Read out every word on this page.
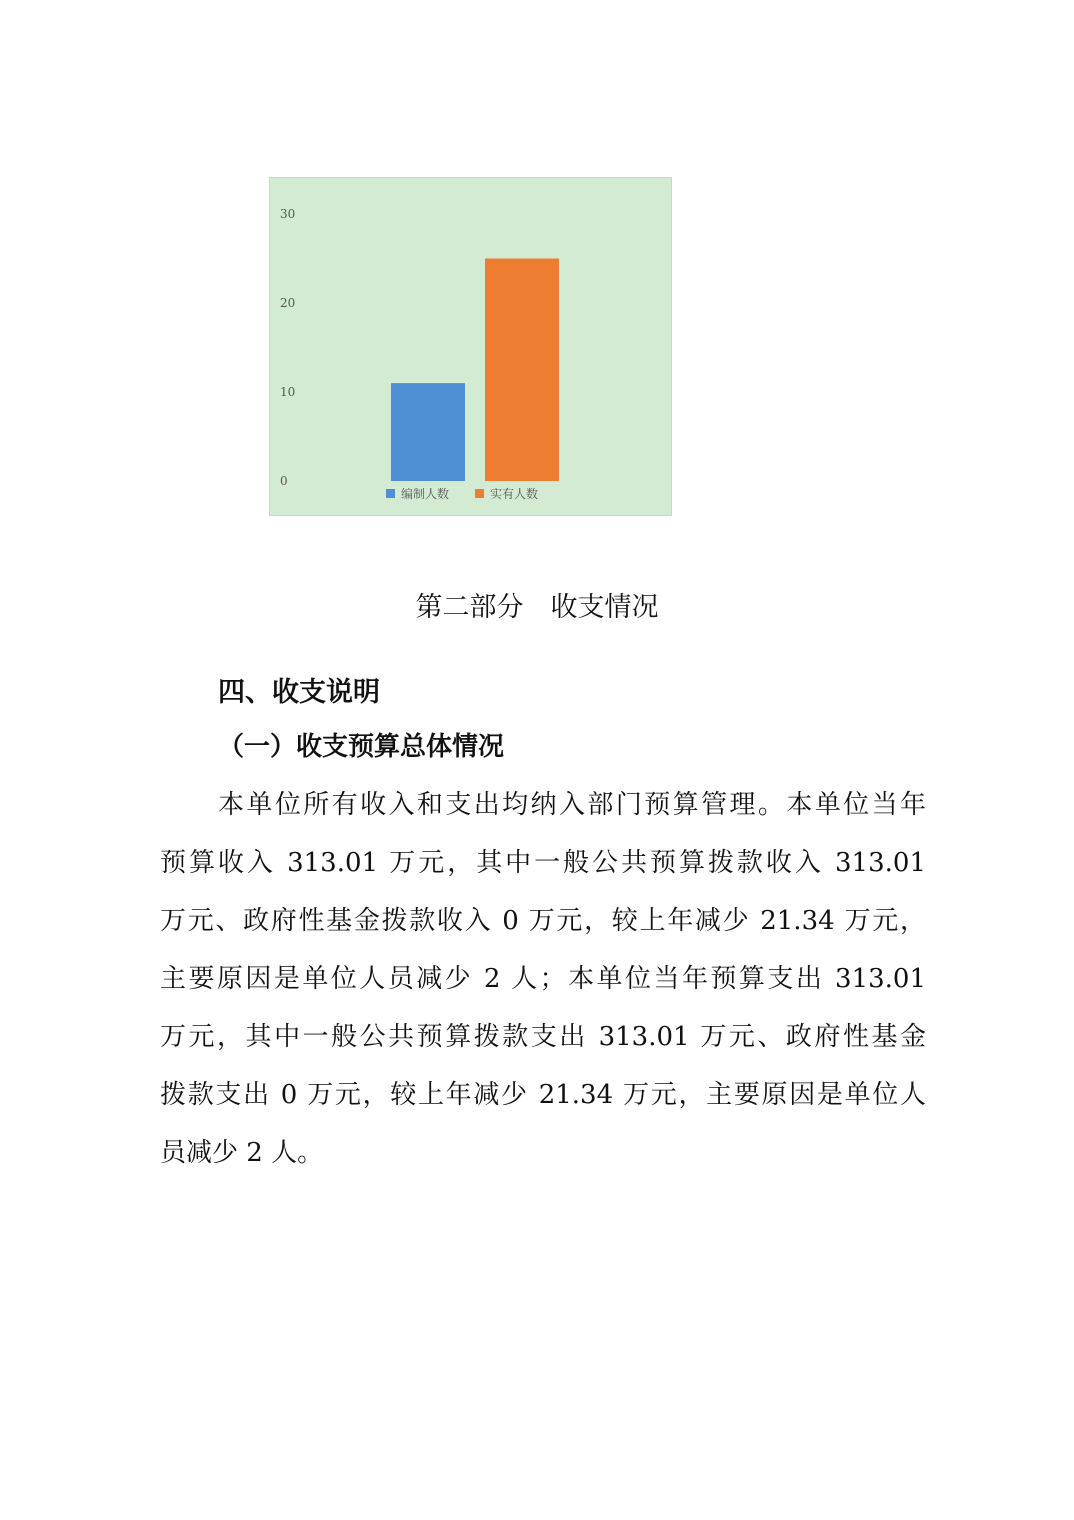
0
10
20
30
编制人数	实有人数
第二部分　收支情况
四、收支说明
（一）收支预算总体情况
本单位所有收入和支出均纳入部门预算管理。本单位当年
预算收入 313.01 万元，其中一般公共预算拨款收入 313.01
万元、政府性基金拨款收入 0 万元，较上年减少 21.34 万元，
主要原因是单位人员减少 2 人；本单位当年预算支出 313.01
万元，其中一般公共预算拨款支出 313.01 万元、政府性基金
拨款支出 0 万元，较上年减少 21.34 万元，主要原因是单位人
员减少 2 人。
